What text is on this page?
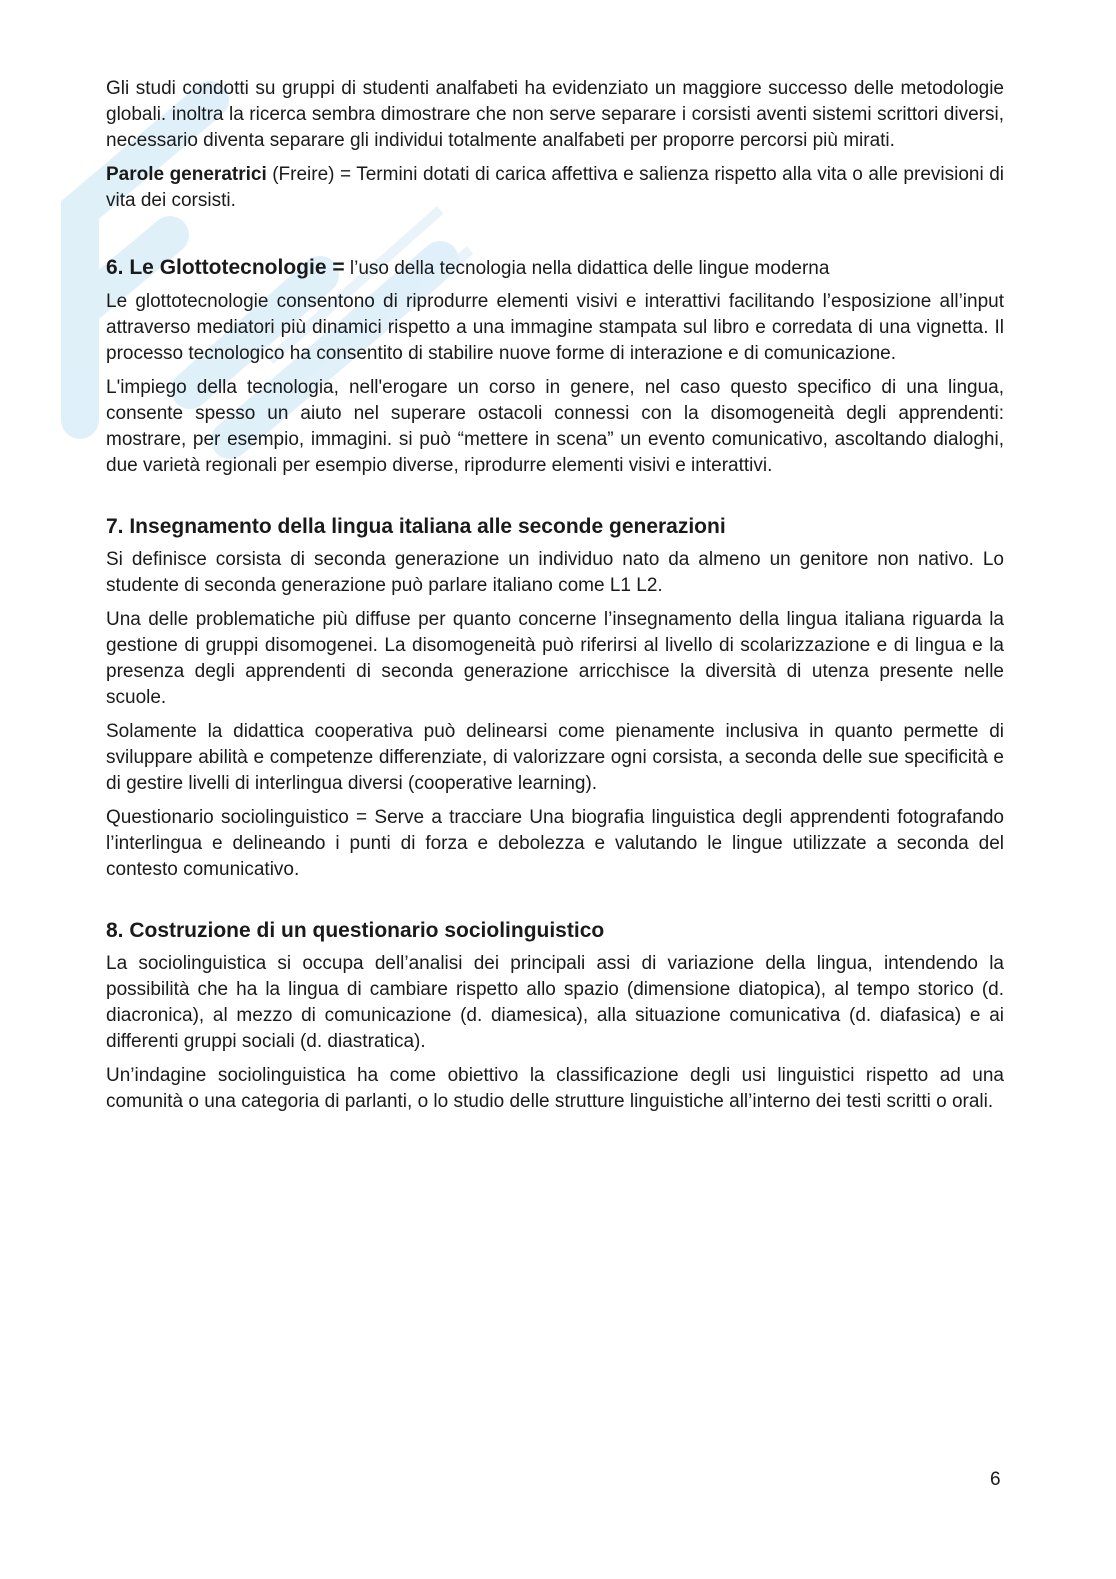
Gli studi condotti su gruppi di studenti analfabeti ha evidenziato un maggiore successo delle metodologie globali. inoltra la ricerca sembra dimostrare che non serve separare i corsisti aventi sistemi scrittori diversi, necessario diventa separare gli individui totalmente analfabeti per proporre percorsi più mirati.

Parole generatrici (Freire) = Termini dotati di carica affettiva e salienza rispetto alla vita o alle previsioni di vita dei corsisti.

6. Le Glottotecnologie = l’uso della tecnologia nella didattica delle lingue moderna

Le glottotecnologie consentono di riprodurre elementi visivi e interattivi facilitando l’esposizione all’input attraverso mediatori più dinamici rispetto a una immagine stampata sul libro e corredata di una vignetta. Il processo tecnologico ha consentito di stabilire nuove forme di interazione e di comunicazione.

L'impiego della tecnologia, nell'erogare un corso in genere, nel caso questo specifico di una lingua, consente spesso un aiuto nel superare ostacoli connessi con la disomogeneità degli apprendenti: mostrare, per esempio, immagini. si può “mettere in scena” un evento comunicativo, ascoltando dialoghi, due varietà regionali per esempio diverse, riprodurre elementi visivi e interattivi.

7. Insegnamento della lingua italiana alle seconde generazioni

Si definisce corsista di seconda generazione un individuo nato da almeno un genitore non nativo. Lo studente di seconda generazione può parlare italiano come L1 L2.

Una delle problematiche più diffuse per quanto concerne l’insegnamento della lingua italiana riguarda la gestione di gruppi disomogenei. La disomogeneità può riferirsi al livello di scolarizzazione e di lingua e la presenza degli apprendenti di seconda generazione arricchisce la diversità di utenza presente nelle scuole.

Solamente la didattica cooperativa può delinearsi come pienamente inclusiva in quanto permette di sviluppare abilità e competenze differenziate, di valorizzare ogni corsista, a seconda delle sue specificità e di gestire livelli di interlingua diversi (cooperative learning).

Questionario sociolinguistico = Serve a tracciare Una biografia linguistica degli apprendenti fotografando l’interlingua e delineando i punti di forza e debolezza e valutando le lingue utilizzate a seconda del contesto comunicativo.

8. Costruzione di un questionario sociolinguistico

La sociolinguistica si occupa dell’analisi dei principali assi di variazione della lingua, intendendo la possibilità che ha la lingua di cambiare rispetto allo spazio (dimensione diatopica), al tempo storico (d. diacronica), al mezzo di comunicazione (d. diamesica), alla situazione comunicativa (d. diafasica) e ai differenti gruppi sociali (d. diastratica).

Un’indagine sociolinguistica ha come obiettivo la classificazione degli usi linguistici rispetto ad una comunità o una categoria di parlanti, o lo studio delle strutture linguistiche all’interno dei testi scritti o orali.

6
